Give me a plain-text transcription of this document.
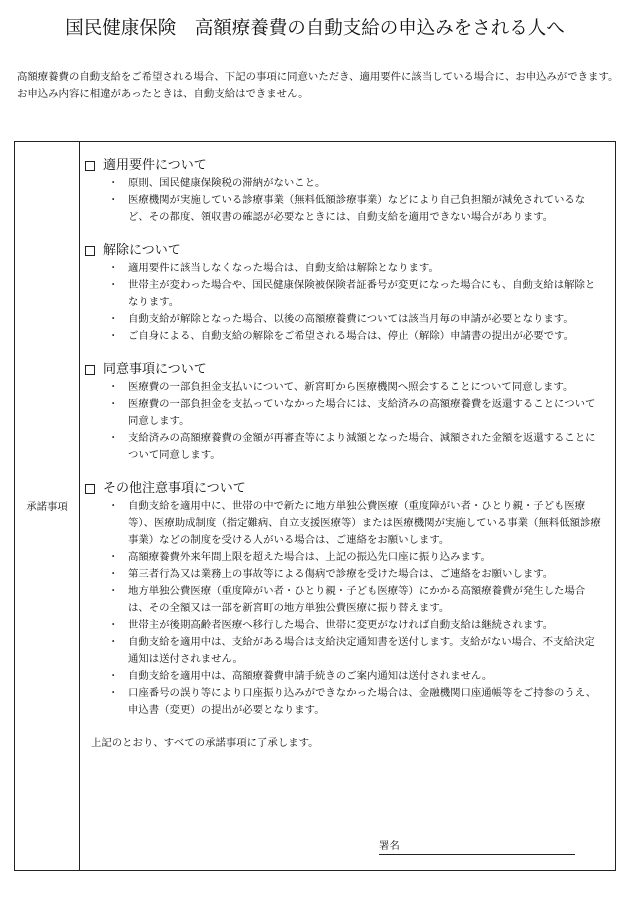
国民健康保険　高額療養費の自動支給の申込みをされる人へ

高額療養費の自動支給をご希望される場合、下記の事項に同意いただき、適用要件に該当している場合に、お申込みができます。

お申込み内容に相違があったときは、自動支給はできません。

承諾事項
適用要件について
・ 原則、国民健康保険税の滞納がないこと。
・ 医療機関が実施している診療事業（無料低額診療事業）などにより自己負担額が減免されているなど、その都度、領収書の確認が必要なときには、自動支給を適用できない場合があります。
解除について
・ 適用要件に該当しなくなった場合は、自動支給は解除となります。
・ 世帯主が変わった場合や、国民健康保険被保険者証番号が変更になった場合にも、自動支給は解除となります。
・ 自動支給が解除となった場合、以後の高額療養費については該当月毎の申請が必要となります。
・ ご自身による、自動支給の解除をご希望される場合は、停止（解除）申請書の提出が必要です。
同意事項について
・ 医療費の一部負担金支払いについて、新宮町から医療機関へ照会することについて同意します。
・ 医療費の一部負担金を支払っていなかった場合には、支給済みの高額療養費を返還することについて同意します。
・ 支給済みの高額療養費の金額が再審査等により減額となった場合、減額された金額を返還することについて同意します。
その他注意事項について
・ 自動支給を適用中に、世帯の中で新たに地方単独公費医療（重度障がい者・ひとり親・子ども医療等）、医療助成制度（指定難病、自立支援医療等）または医療機関が実施している事業（無料低額診療事業）などの制度を受ける人がいる場合は、ご連絡をお願いします。
・ 高額療養費外来年間上限を超えた場合は、上記の振込先口座に振り込みます。
・ 第三者行為又は業務上の事故等による傷病で診療を受けた場合は、ご連絡をお願いします。
・ 地方単独公費医療（重度障がい者・ひとり親・子ども医療等）にかかる高額療養費が発生した場合は、その全額又は一部を新宮町の地方単独公費医療に振り替えます。
・ 世帯主が後期高齢者医療へ移行した場合、世帯に変更がなければ自動支給は継続されます。
・ 自動支給を適用中は、支給がある場合は支給決定通知書を送付します。支給がない場合、不支給決定通知は送付されません。
・ 自動支給を適用中は、高額療養費申請手続きのご案内通知は送付されません。
・ 口座番号の誤り等により口座振り込みができなかった場合は、金融機関口座通帳等をご持参のうえ、申込書（変更）の提出が必要となります。
上記のとおり、すべての承諾事項に了承します。
署名
